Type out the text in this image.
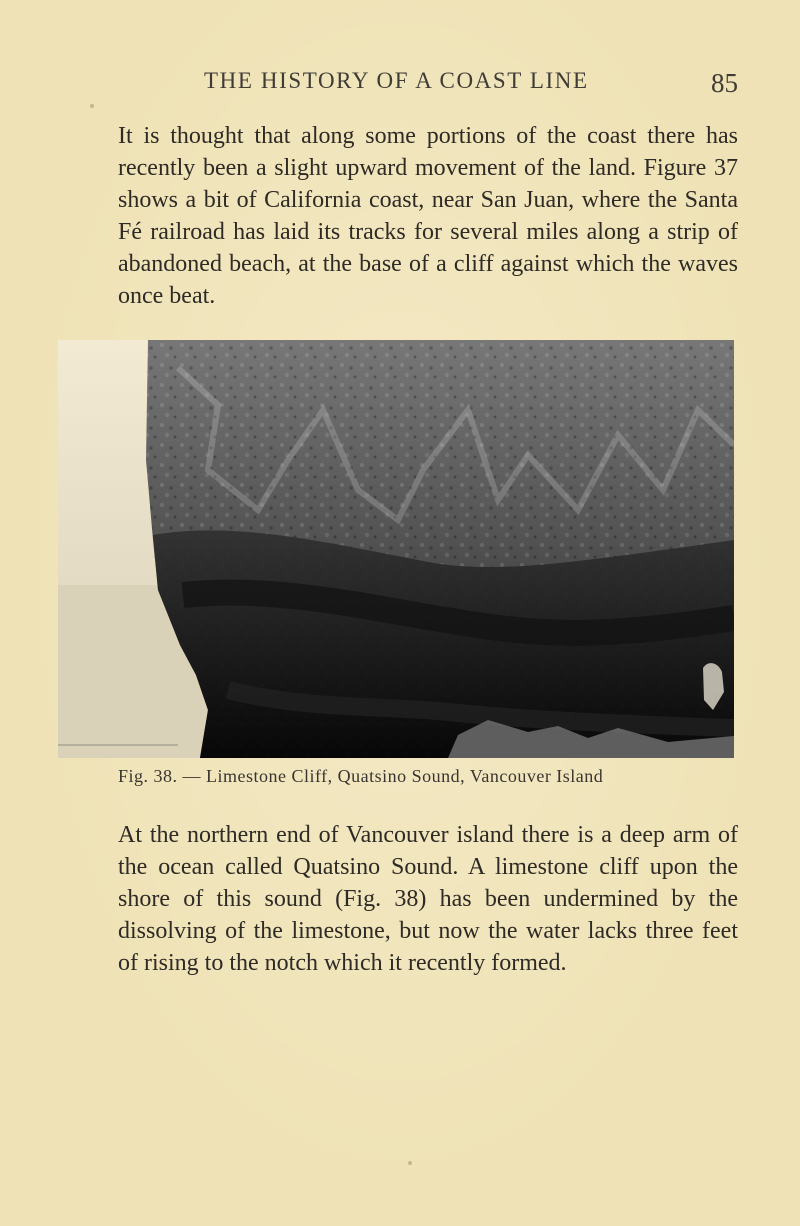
THE HISTORY OF A COAST LINE	85

It is thought that along some portions of the coast there has recently been a slight upward movement of the land. Figure 37 shows a bit of California coast, near San Juan, where the Santa Fé railroad has laid its tracks for several miles along a strip of abandoned beach, at the base of a cliff against which the waves once beat.

Fig. 38. — Limestone Cliff, Quatsino Sound, Vancouver Island

At the northern end of Vancouver island there is a deep arm of the ocean called Quatsino Sound. A limestone cliff upon the shore of this sound (Fig. 38) has been undermined by the dissolving of the limestone, but now the water lacks three feet of rising to the notch which it recently formed.
